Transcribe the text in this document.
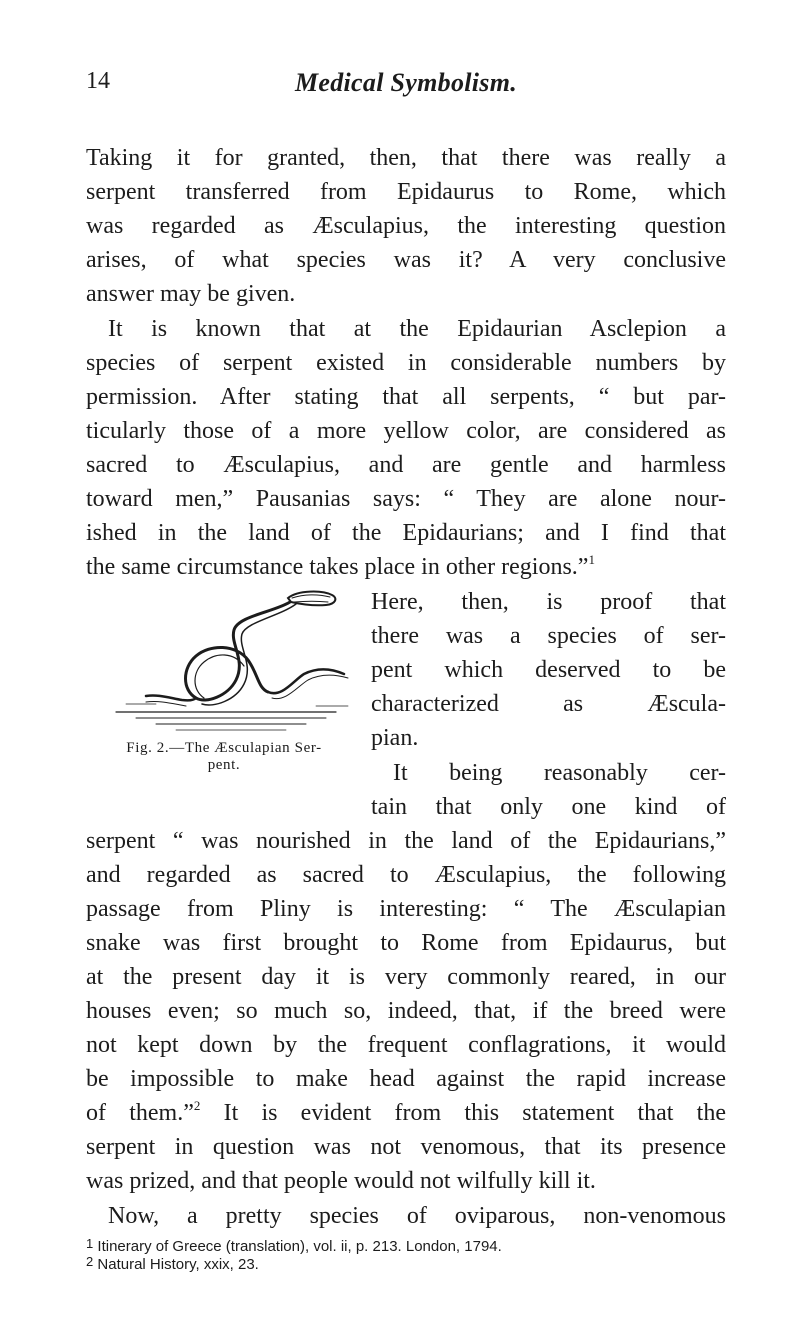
14	Medical Symbolism.
Taking it for granted, then, that there was really a
serpent transferred from Epidaurus to Rome, which
was regarded as Æsculapius, the interesting question
arises, of what species was it? A very conclusive
answer may be given.
It is known that at the Epidaurian Asclepion a
species of serpent existed in considerable numbers by
permission. After stating that all serpents, “ but par-
ticularly those of a more yellow color, are considered as
sacred to Æsculapius, and are gentle and harmless
toward men,” Pausanias says: “ They are alone nour-
ished in the land of the Epidaurians; and I find that
the same circumstance takes place in other regions.”$^1$
Here, then, is proof that
there was a species of ser-
pent which deserved to be
characterized as Æscula-
pian.
It being reasonably cer-
tain that only one kind of
Fig. 2.—The Æsculapian Ser-
pent.
serpent “ was nourished in the land of the Epidaurians,”
and regarded as sacred to Æsculapius, the following
passage from Pliny is interesting: “ The Æsculapian
snake was first brought to Rome from Epidaurus, but
at the present day it is very commonly reared, in our
houses even; so much so, indeed, that, if the breed were
not kept down by the frequent conflagrations, it would
be impossible to make head against the rapid increase
of them.”$^2$ It is evident from this statement that the
serpent in question was not venomous, that its presence
was prized, and that people would not wilfully kill it.
Now, a pretty species of oviparous, non-venomous
$^1$ Itinerary of Greece (translation), vol. ii, p. 213. London, 1794.
$^2$ Natural History, xxix, 23.
